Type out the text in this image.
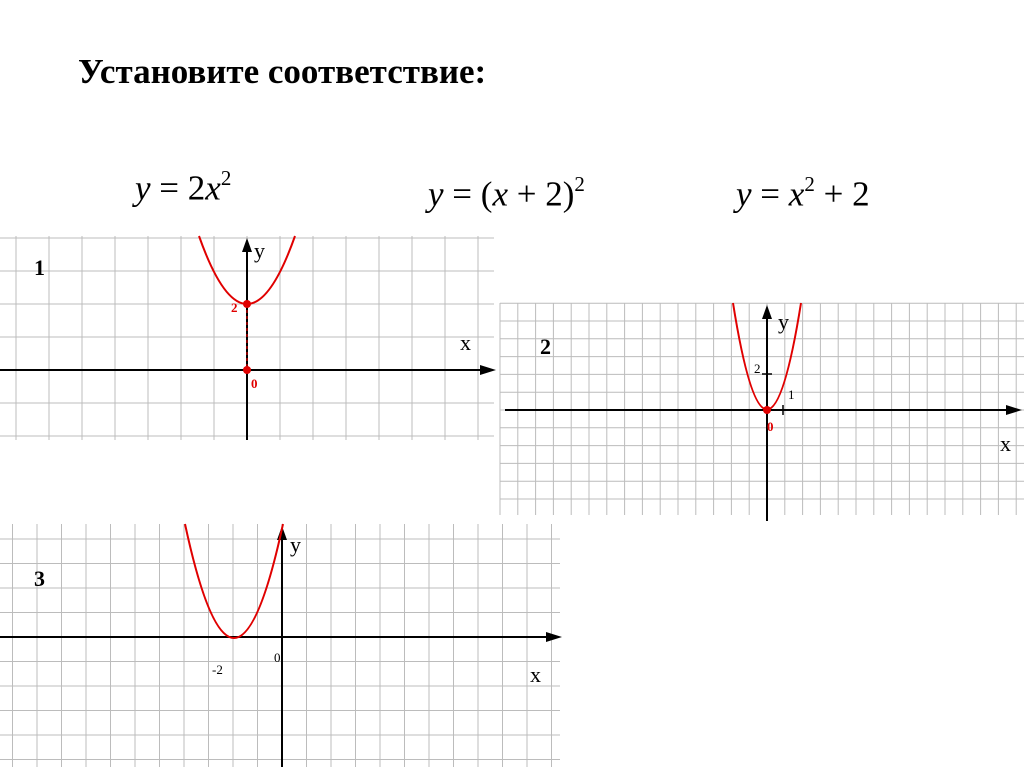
Установите соответствие:
$y = 2x^2$	$y = (x + 2)^2$	$y = x^2 + 2$
1
y
x
2
0
2
y
x
2
1
0
3
y
x
-2
0
